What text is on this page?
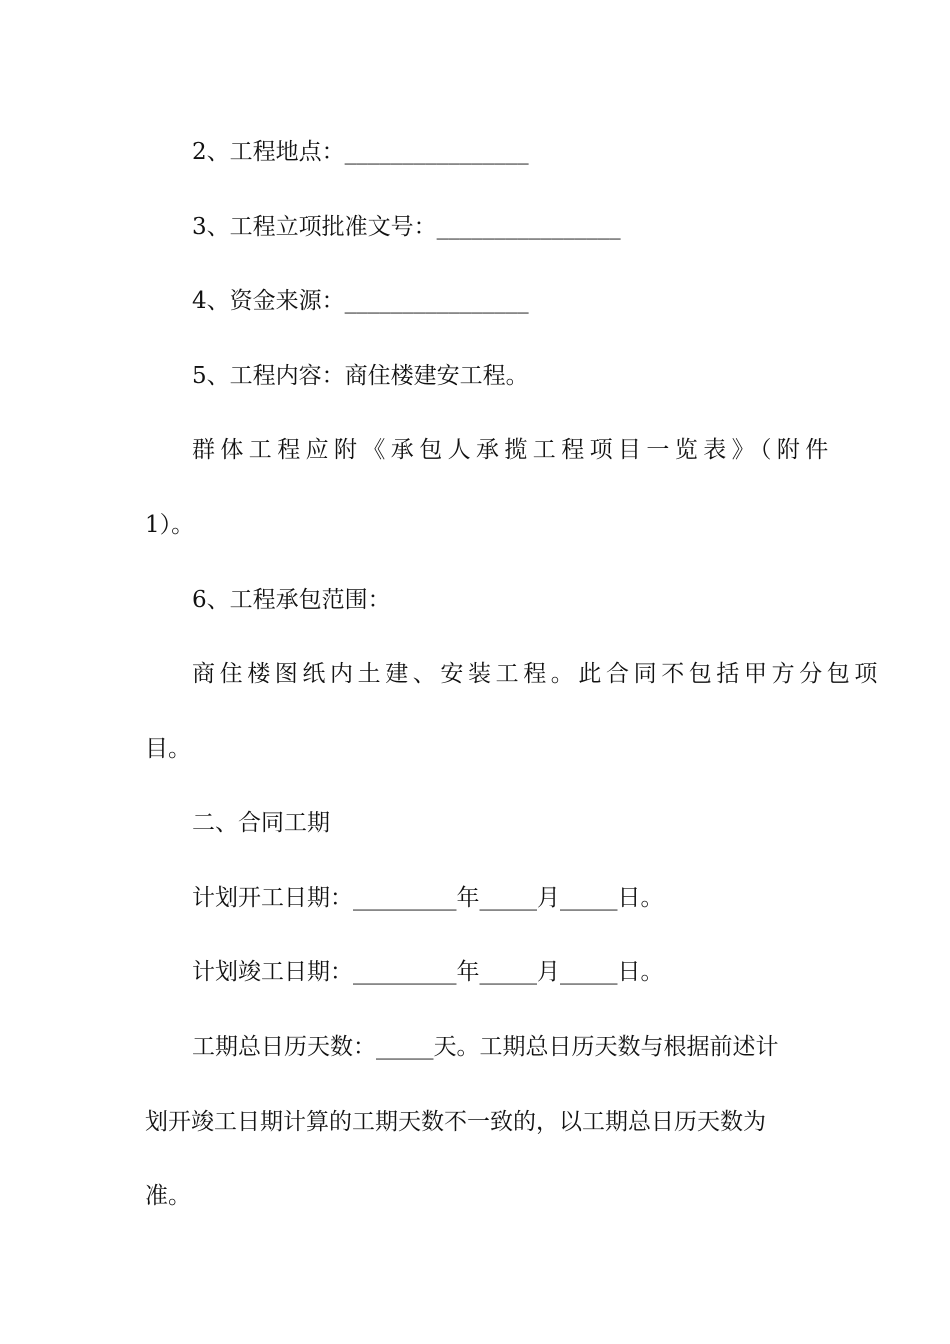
2、工程地点：________________
3、工程立项批准文号：________________
4、资金来源：________________
5、工程内容：商住楼建安工程。
群体工程应附《承包人承揽工程项目一览表》（附件
1）。
6、工程承包范围：
商住楼图纸内土建、安装工程。此合同不包括甲方分包项
目。
二、合同工期
计划开工日期：_________年_____月_____日。
计划竣工日期：_________年_____月_____日。
工期总日历天数：_____天。工期总日历天数与根据前述计
划开竣工日期计算的工期天数不一致的，以工期总日历天数为
准。
